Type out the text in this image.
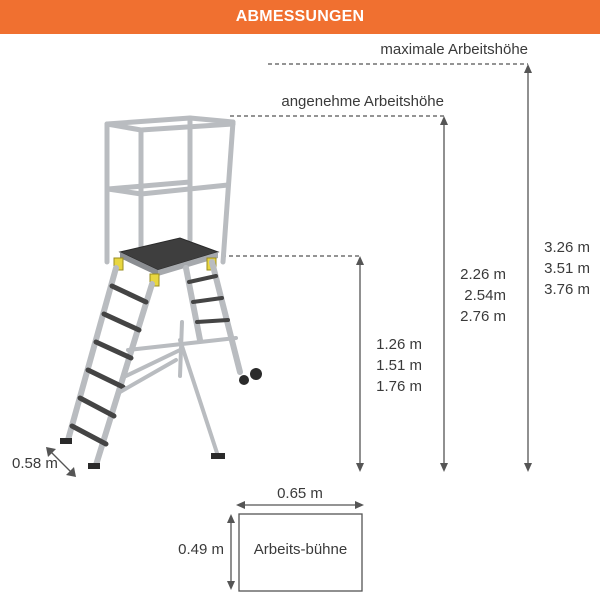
ABMESSUNGEN
maximale Arbeitshöhe
angenehme Arbeitshöhe
1.26 m
1.51 m
1.76 m
2.26 m
2.54m
2.76 m
3.26 m
3.51 m
3.76 m
0.58 m
0.65 m
0.49 m	Arbeits-bühne
